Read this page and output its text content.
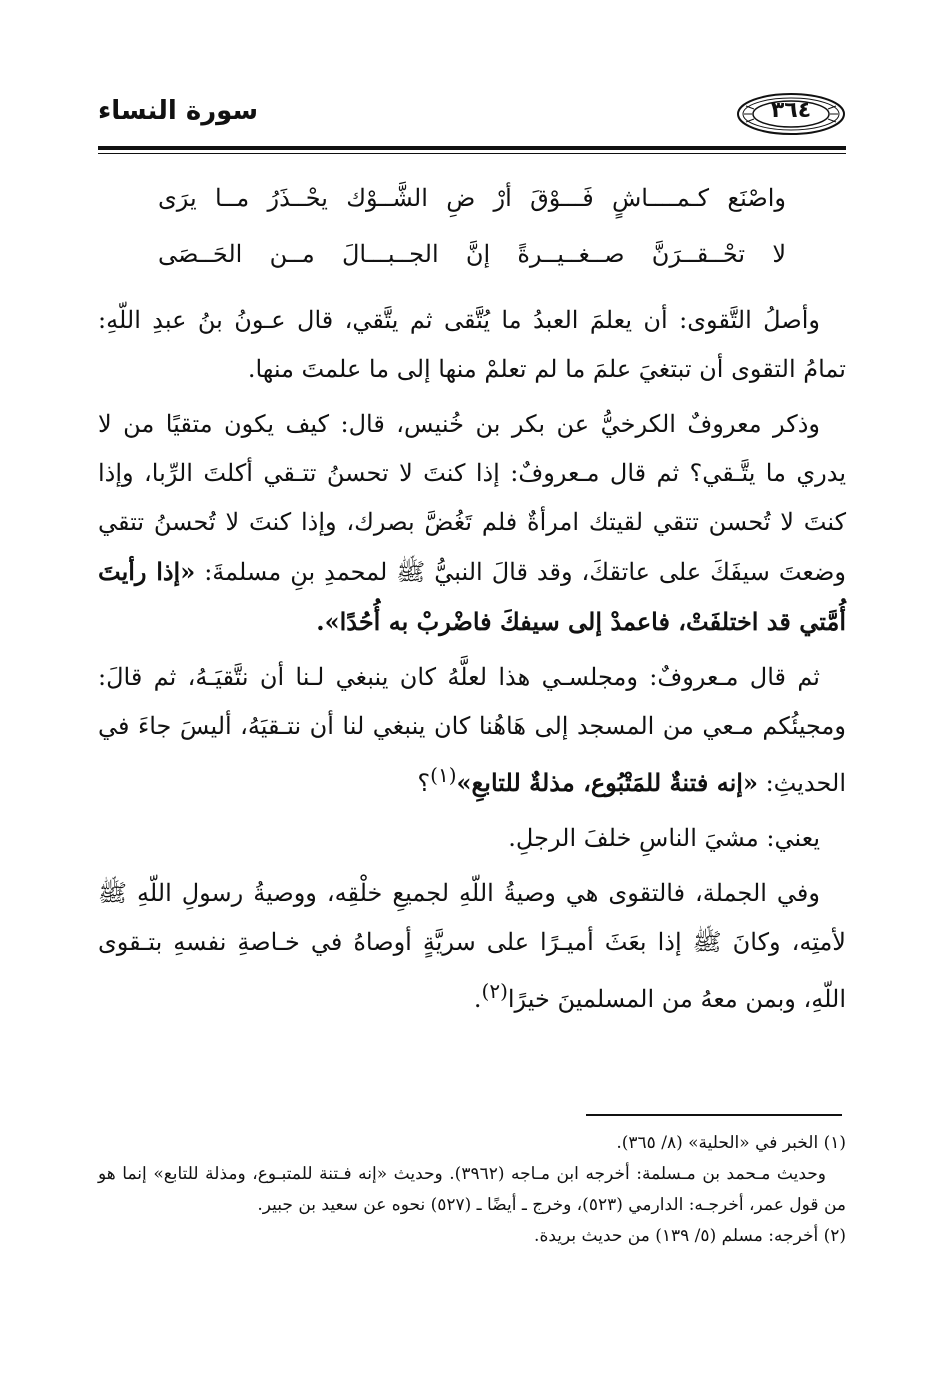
سورة النساء	٣٦٤
واصْنَع كـمــــاشٍ فَـــوْقَ أرْ ضِ الشَّــوْك يحْــذَرُ مــا يرَى
لا تحْــقــرَنَّ صــغــيــرةً إنَّ الجــبـــالَ مــن الحَــصَى

وأصلُ التَّقوى: أن يعلمَ العبدُ ما يُتَّقى ثم يتَّقي، قال عـونُ بنُ عبدِ اللّهِ: تمامُ التقوى أن تبتغيَ علمَ ما لم تعلمْ منها إلى ما علمتَ منها.

وذكر معروفٌ الكرخيُّ عن بكر بن خُنيس، قال: كيف يكون متقيًا من لا يدري ما يتَّـقي؟ ثم قال مـعروفٌ: إذا كنتَ لا تحسنُ تتـقي أكلتَ الرِّبا، وإذا كنتَ لا تُحسن تتقي لقيتك امرأةٌ فلم تَغُضَّ بصرك، وإذا كنتَ لا تُحسنُ تتقي وضعتَ سيفَكَ على عاتقكَ، وقد قالَ النبيُّ ﷺ لمحمدِ بنِ مسلمةَ: «إذا رأيتَ أُمَّتي قد اختلفَتْ، فاعمدْ إلى سيفكَ فاضْربْ به أُحُدًا».

ثم قال مـعروفٌ: ومجلسـي هذا لعلَّهُ كان ينبغي لـنا أن نتَّقيَـهُ، ثم قالَ: ومجيئُكم مـعي من المسجد إلى هَاهُنا كان ينبغي لنا أن نتـقيَهُ، أليسَ جاءَ في الحديثِ: «إنه فتنةٌ للمَتْبُوع، مذلةٌ للتابعِ»$^{(١)}$؟

يعني: مشيَ الناسِ خلفَ الرجلِ.

وفي الجملة، فالتقوى هي وصيةُ اللّهِ لجميعِ خلْقِه، ووصيةُ رسولِ اللّهِ ﷺ لأمتِه، وكانَ ﷺ إذا بعَثَ أميـرًا على سريَّةٍ أوصاهُ في خـاصةِ نفسهِ بتـقوى اللّهِ، وبمن معهُ من المسلمينَ خيرًا$^{(٢)}$.

(١) الخبر في «الحلية» (٨/ ٣٦٥).

وحديث مـحمد بن مـسلمة: أخرجه ابن مـاجه (٣٩٦٢). وحديث «إنه فـتنة للمتبـوع، ومذلة للتابع» إنما هو من قول عمر، أخرجـه: الدارمي (٥٢٣)، وخرج ـ أيضًا ـ (٥٢٧) نحوه عن سعيد بن جبير.

(٢) أخرجه: مسلم (٥/ ١٣٩) من حديث بريدة.
